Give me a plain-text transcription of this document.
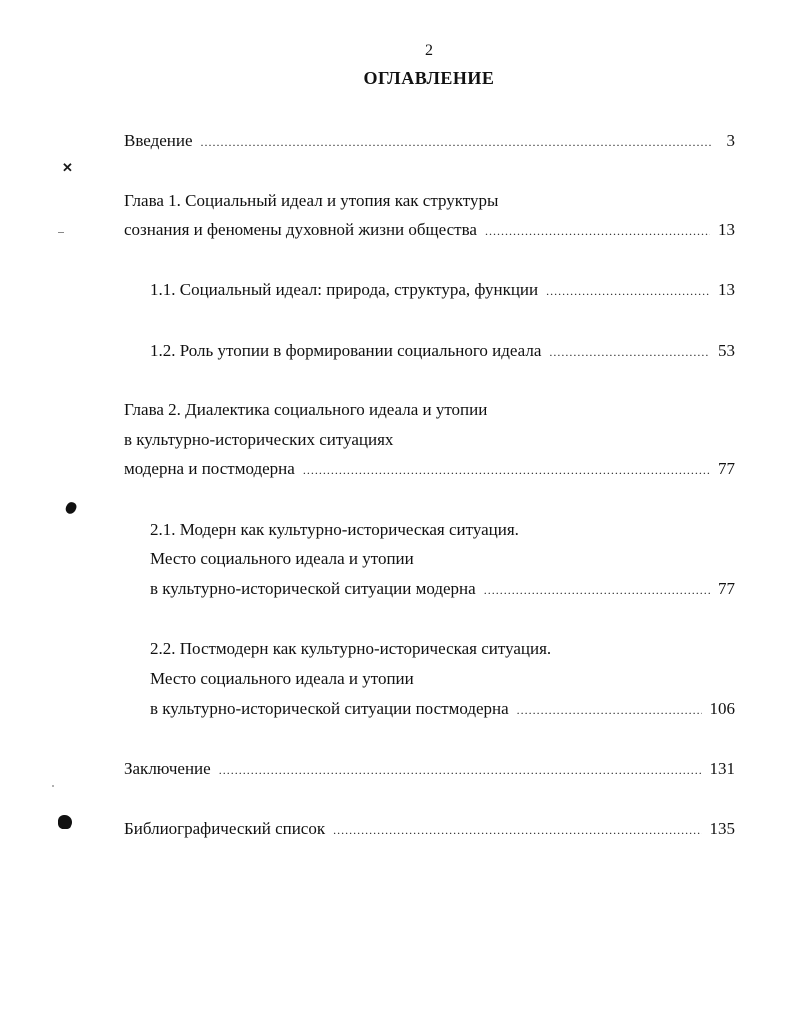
2
ОГЛАВЛЕНИЕ
Введение .....	3
Глава 1. Социальный идеал и утопия как структуры
сознания и феномены духовной жизни общества .....	13
1.1. Социальный идеал: природа, структура, функции .....	13
1.2. Роль утопии в формировании социального идеала .....	53
Глава 2. Диалектика социального идеала и утопии
в культурно-исторических ситуациях
модерна и постмодерна .....	77
2.1. Модерн как культурно-историческая ситуация.
Место социального идеала и утопии
в культурно-исторической ситуации модерна .....	77
2.2. Постмодерн как культурно-историческая ситуация.
Место социального идеала и утопии
в культурно-исторической ситуации постмодерна .....	106
Заключение .....	131
Библиографический список .....	135
✕
